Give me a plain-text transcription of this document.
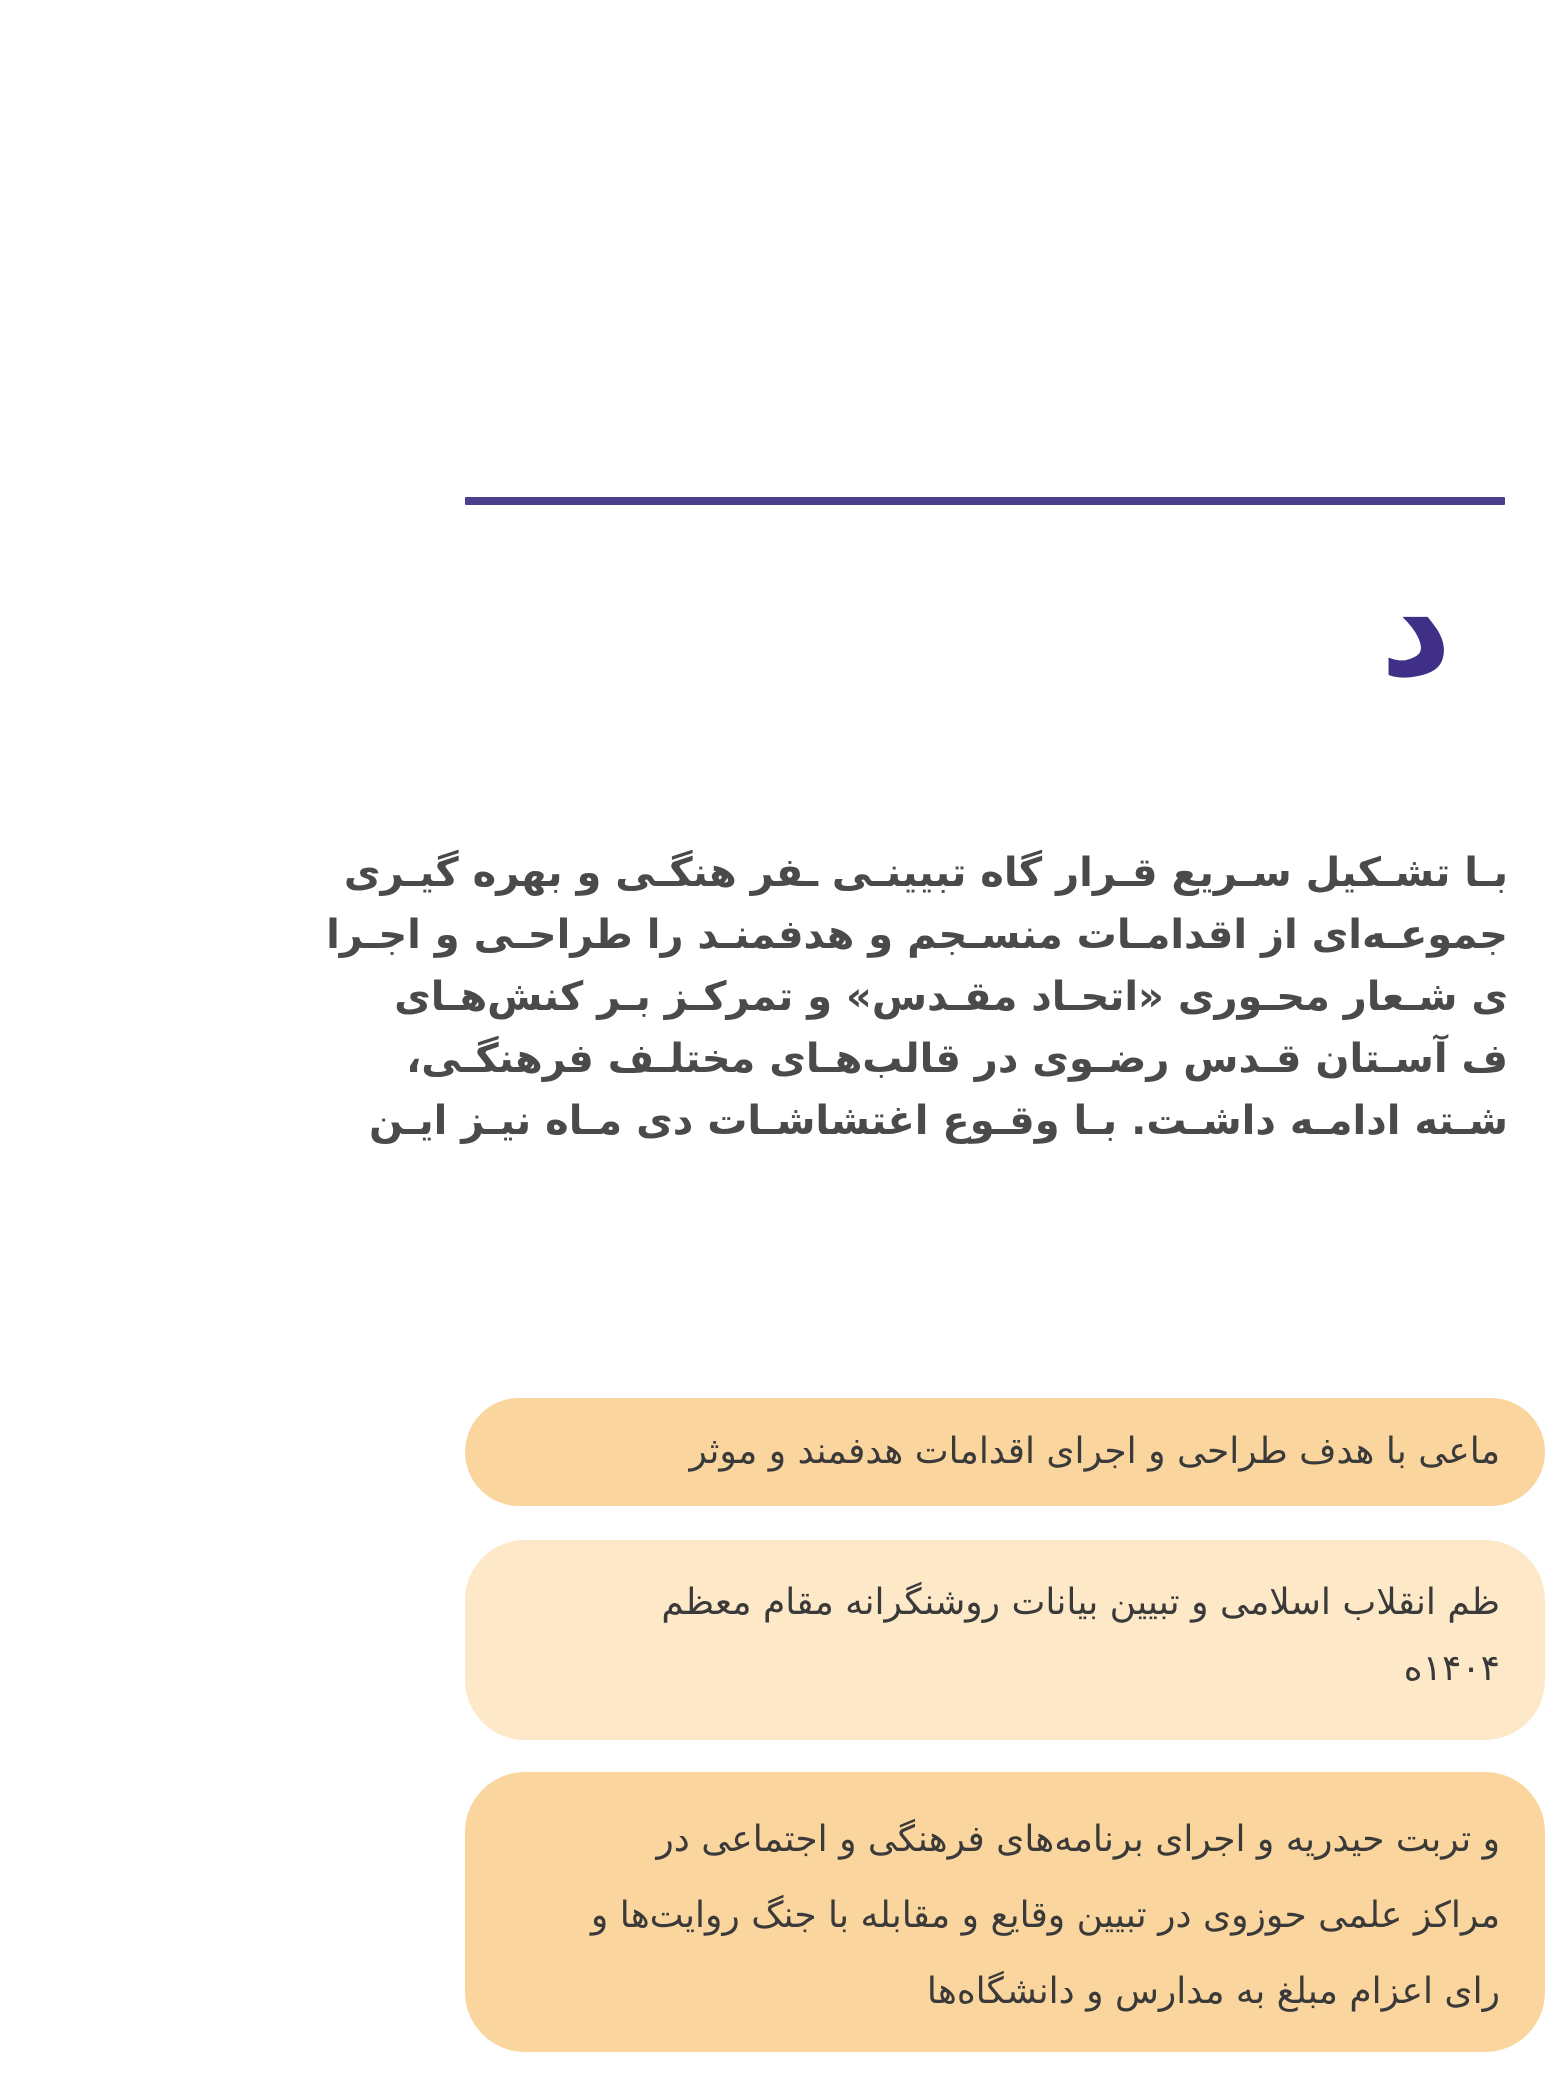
د
بـا تشـکیل سـریع قـرار گاه تبیینـی ـفر هنگـی و بهره گیـری
جموعـه‌ای از اقدامـات منسـجم و هدفمنـد را طراحـی و اجـرا
ی شـعار محـوری «اتحـاد مقـدس» و تمرکـز بـر کنش‌هـای
ف آسـتان قـدس رضـوی در قالب‌هـای مختلـف فرهنگـی،
شـته ادامـه داشـت. بـا وقـوع اغتشاشـات دی مـاه نیـز ایـن
ماعی با هدف طراحی و اجرای اقدامات هدفمند و موثر
ظم انقلاب اسلامی و تبیین بیانات روشنگرانه مقام معظم
۱۴۰۴ه
و تربت حیدریه و اجرای برنامه‌های فرهنگی و اجتماعی در
مراکز علمی حوزوی در تبیین وقایع و مقابله با جنگ روایت‌ها و
رای اعزام مبلغ به مدارس و دانشگاه‌ها
